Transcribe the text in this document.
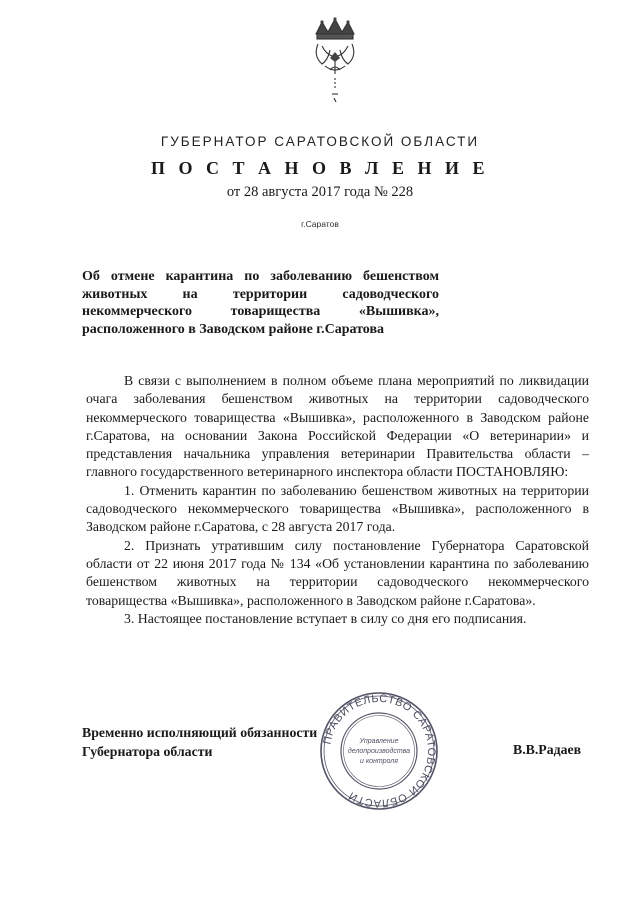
ГУБЕРНАТОР САРАТОВСКОЙ ОБЛАСТИ
П О С Т А Н О В Л Е Н И Е
от 28 августа 2017 года № 228
г.Саратов
Об отмене карантина по заболеванию бешенством животных на территории садоводческого некоммерческого товарищества «Вышивка», расположенного в Заводском районе г.Саратова

В связи с выполнением в полном объеме плана мероприятий по ликвидации очага заболевания бешенством животных на территории садоводческого некоммерческого товарищества «Вышивка», расположенного в Заводском районе г.Саратова, на основании Закона Российской Федерации «О ветеринарии» и представления начальника управления ветеринарии Правительства области – главного государственного ветеринарного инспектора области ПОСТАНОВЛЯЮ:

1. Отменить карантин по заболеванию бешенством животных на территории садоводческого некоммерческого товарищества «Вышивка», расположенного в Заводском районе г.Саратова, с 28 августа 2017 года.

2. Признать утратившим силу постановление Губернатора Саратовской области от 22 июня 2017 года № 134 «Об установлении карантина по заболеванию бешенством животных на территории садоводческого некоммерческого товарищества «Вышивка», расположенного в Заводском районе г.Саратова».

3. Настоящее постановление вступает в силу со дня его подписания.

ПРАВИТЕЛЬСТВО САРАТОВСКОЙ ОБЛАСТИ
Управление
делопроизводства
и контроля
Временно исполняющий обязанности
Губернатора области	В.В.Радаев
